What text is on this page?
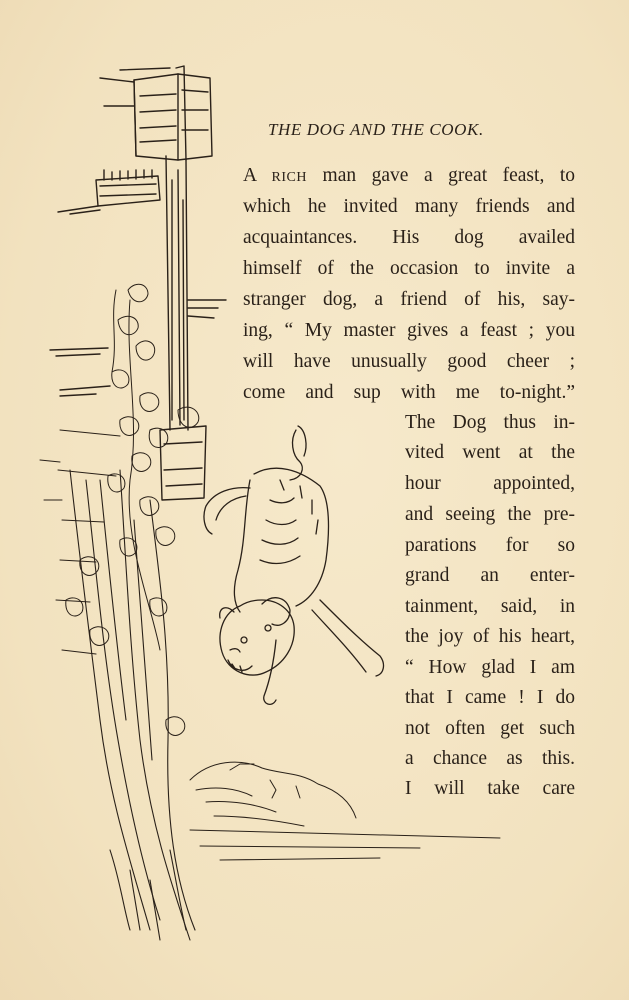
THE DOG AND THE COOK.
A RICH man gave a great feast, to
which he invited many friends and
acquaintances. His dog availed
himself of the occasion to invite a
stranger dog, a friend of his, say-
ing, “ My master gives a feast ; you
will have unusually good cheer ;
come and sup with me to-night.”
The Dog thus in-
vited went at the
hour appointed,
and seeing the pre-
parations for so
grand an enter-
tainment, said, in
the joy of his heart,
“ How glad I am
that I came ! I do
not often get such
a chance as this.
I will take care
